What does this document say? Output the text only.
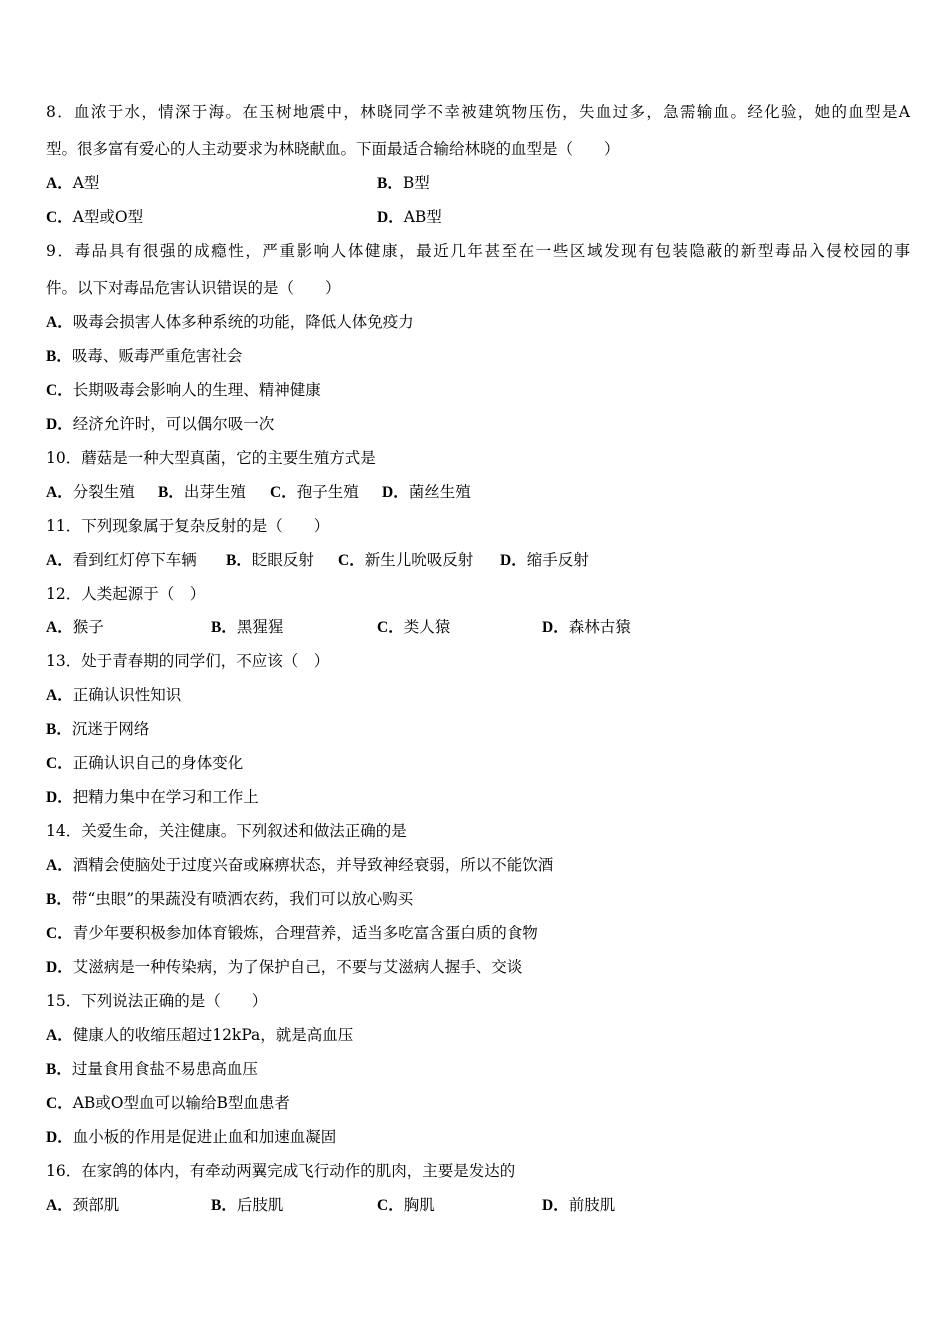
8．血浓于水，情深于海。在玉树地震中，林晓同学不幸被建筑物压伤，失血过多，急需输血。经化验，她的血型是A
型。很多富有爱心的人主动要求为林晓献血。下面最适合输给林晓的血型是（　　）
A．A型	B．B型
C．A型或O型	D．AB型
9．毒品具有很强的成瘾性，严重影响人体健康，最近几年甚至在一些区域发现有包装隐蔽的新型毒品入侵校园的事
件。以下对毒品危害认识错误的是（　　）
A．吸毒会损害人体多种系统的功能，降低人体免疫力
B．吸毒、贩毒严重危害社会
C．长期吸毒会影响人的生理、精神健康
D．经济允许时，可以偶尔吸一次
10．蘑菇是一种大型真菌，它的主要生殖方式是
A．分裂生殖 B．出芽生殖 C．孢子生殖 D．菌丝生殖
11．下列现象属于复杂反射的是（　　）
A．看到红灯停下车辆 B．眨眼反射 C．新生儿吮吸反射 D．缩手反射
12．人类起源于（　）
A．猴子	B．黑猩猩	C．类人猿	D．森林古猿
13．处于青春期的同学们，不应该（　）
A．正确认识性知识
B．沉迷于网络
C．正确认识自己的身体变化
D．把精力集中在学习和工作上
14．关爱生命，关注健康。下列叙述和做法正确的是
A．酒精会使脑处于过度兴奋或麻痹状态，并导致神经衰弱，所以不能饮酒
B．带“虫眼”的果蔬没有喷洒农药，我们可以放心购买
C．青少年要积极参加体育锻炼，合理营养，适当多吃富含蛋白质的食物
D．艾滋病是一种传染病，为了保护自己，不要与艾滋病人握手、交谈
15．下列说法正确的是（　　）
A．健康人的收缩压超过12kPa，就是高血压
B．过量食用食盐不易患高血压
C．AB或O型血可以输给B型血患者
D．血小板的作用是促进止血和加速血凝固
16．在家鸽的体内，有牵动两翼完成飞行动作的肌肉，主要是发达的
A．颈部肌	B．后肢肌	C．胸肌	D．前肢肌
